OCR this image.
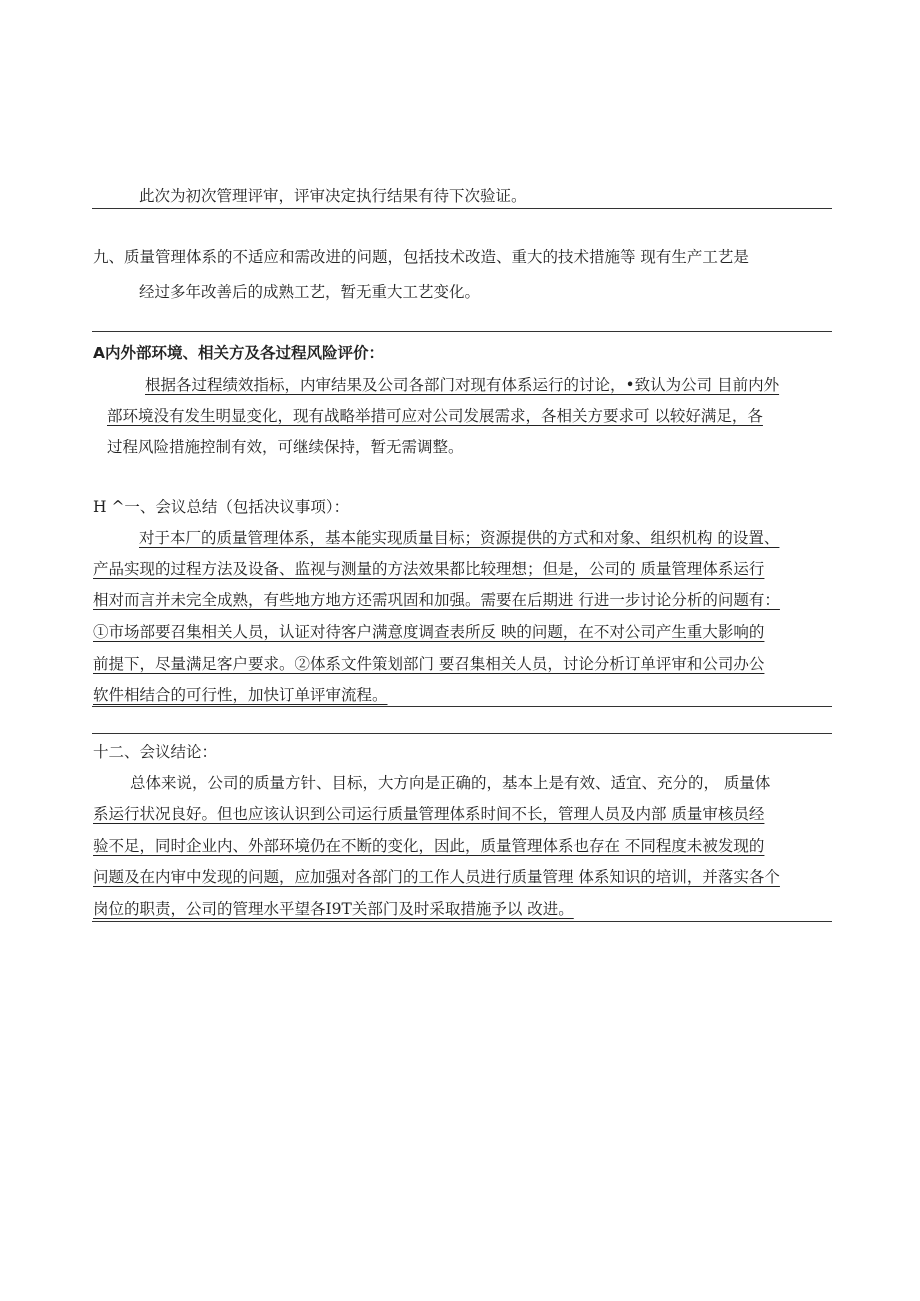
此次为初次管理评审，评审决定执行结果有待下次验证。
九、质量管理体系的不适应和需改进的问题，包括技术改造、重大的技术措施等 现有生产工艺是
经过多年改善后的成熟工艺，暂无重大工艺变化。
A内外部环境、相关方及各过程风险评价：
根据各过程绩效指标，内审结果及公司各部门对现有体系运行的讨论，•致认为公司 目前内外
部环境没有发生明显变化，现有战略举措可应对公司发展需求，各相关方要求可 以较好满足，各
过程风险措施控制有效，可继续保持，暂无需调整。
H ^一、会议总结（包括决议事项）：
对于本厂的质量管理体系，基本能实现质量目标；资源提供的方式和对象、组织机构 的设置、
产品实现的过程方法及设备、监视与测量的方法效果都比较理想；但是，公司的 质量管理体系运行
相对而言并未完全成熟，有些地方地方还需巩固和加强。需要在后期进 行进一步讨论分析的问题有：
①市场部要召集相关人员，认证对待客户满意度调查表所反 映的问题，在不对公司产生重大影响的
前提下，尽量满足客户要求。②体系文件策划部门 要召集相关人员，讨论分析订单评审和公司办公
软件相结合的可行性，加快订单评审流程。
十二、会议结论：
总体来说，公司的质量方针、目标，大方向是正确的，基本上是有效、适宜、充分的， 质量体
系运行状况良好。但也应该认识到公司运行质量管理体系时间不长，管理人员及内部 质量审核员经
验不足，同时企业内、外部环境仍在不断的变化，因此，质量管理体系也存在 不同程度未被发现的
问题及在内审中发现的问题，应加强对各部门的工作人员进行质量管理 体系知识的培训，并落实各个
岗位的职责，公司的管理水平望各I9T关部门及时采取措施予以 改进。
